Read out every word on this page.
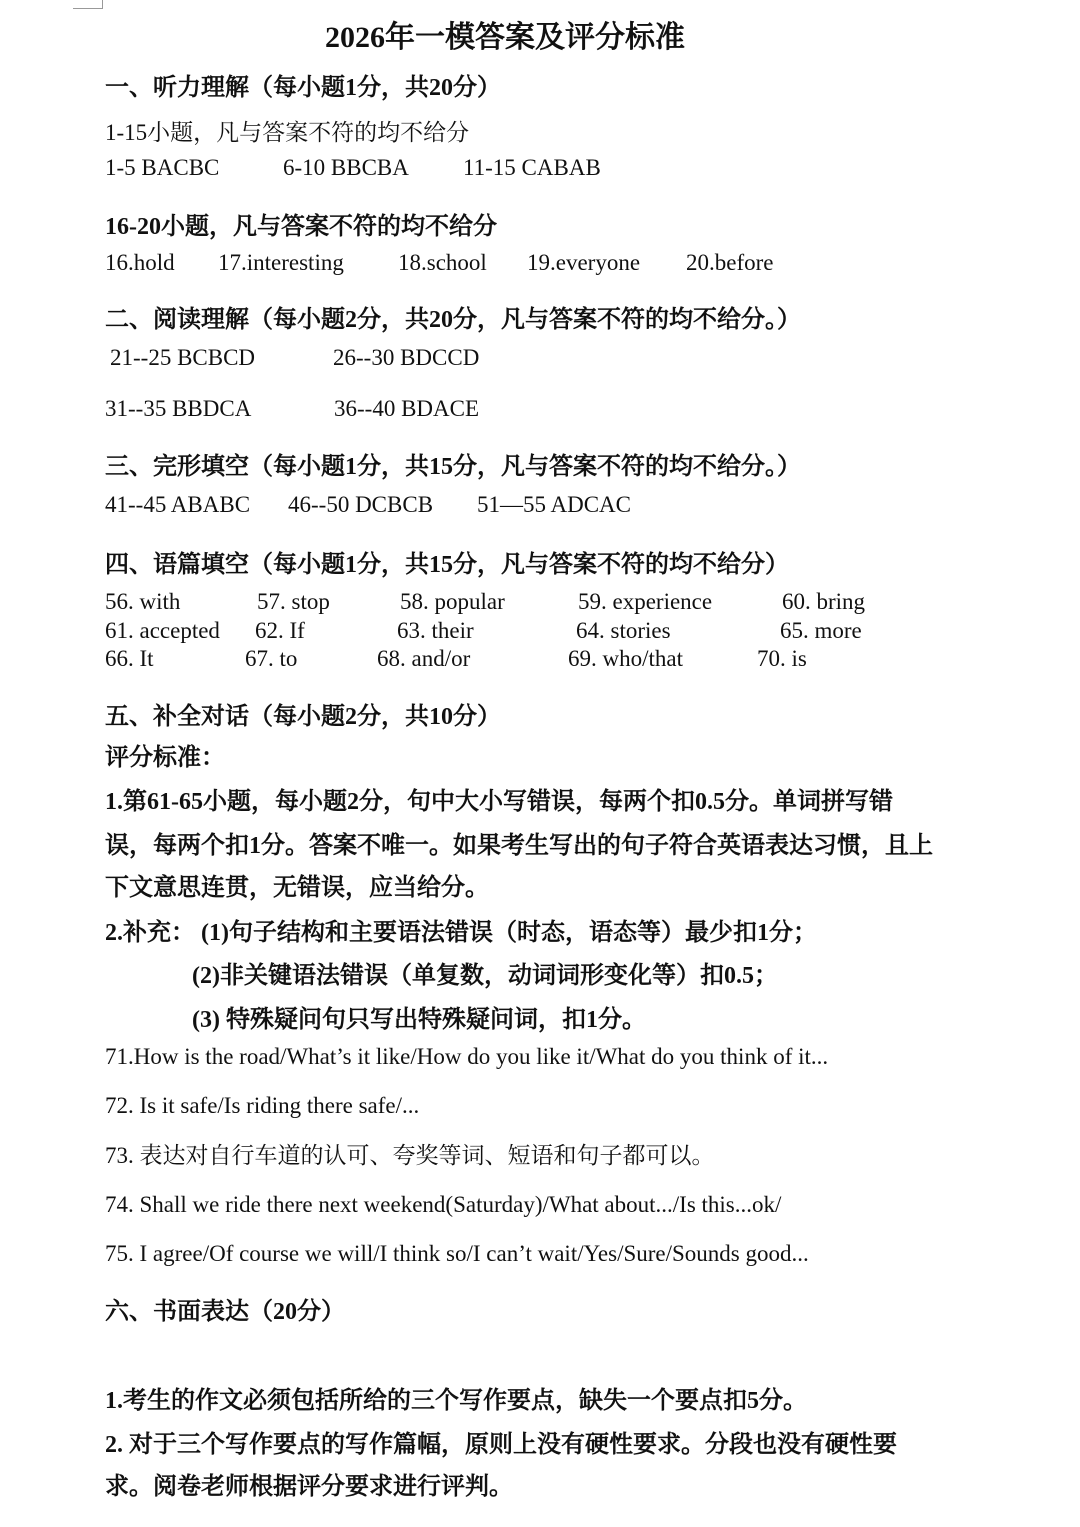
2026年一模答案及评分标准
一、听力理解（每小题1分，共20分）
1-15小题，凡与答案不符的均不给分
1-5 BACBC	6-10 BBCBA 11-15 CABAB
16-20小题，凡与答案不符的均不给分
16.hold 17.interesting 18.school 19.everyone 20.before
二、阅读理解（每小题2分，共20分，凡与答案不符的均不给分。）
21--25 BCBCD	26--30 BDCCD
31--35 BBDCA	36--40 BDACE
三、完形填空（每小题1分，共15分，凡与答案不符的均不给分。）
41--45 ABABC 46--50 DCBCB 51—55 ADCAC
四、语篇填空（每小题1分，共15分，凡与答案不符的均不给分）
56. with	57. stop	58. popular	59. experience	60. bring
61. accepted 62. If	63. their	64. stories	65. more
66. It	67. to	68. and/or	69. who/that	70. is
五、补全对话（每小题2分，共10分）
评分标准：
1.第61-65小题，每小题2分，句中大小写错误，每两个扣0.5分。单词拼写错
误，每两个扣1分。答案不唯一。如果考生写出的句子符合英语表达习惯，且上
下文意思连贯，无错误，应当给分。
2.补充： (1)句子结构和主要语法错误（时态，语态等）最少扣1分；
(2)非关键语法错误（单复数，动词词形变化等）扣0.5；
(3) 特殊疑问句只写出特殊疑问词，扣1分。
71.How is the road/What’s it like/How do you like it/What do you think of it...
72. Is it safe/Is riding there safe/...
73. 表达对自行车道的认可、夸奖等词、短语和句子都可以。
74. Shall we ride there next weekend(Saturday)/What about.../Is this...ok/
75. I agree/Of course we will/I think so/I can’t wait/Yes/Sure/Sounds good...
六、书面表达（20分）
1.考生的作文必须包括所给的三个写作要点，缺失一个要点扣5分。
2. 对于三个写作要点的写作篇幅，原则上没有硬性要求。分段也没有硬性要
求。阅卷老师根据评分要求进行评判。
